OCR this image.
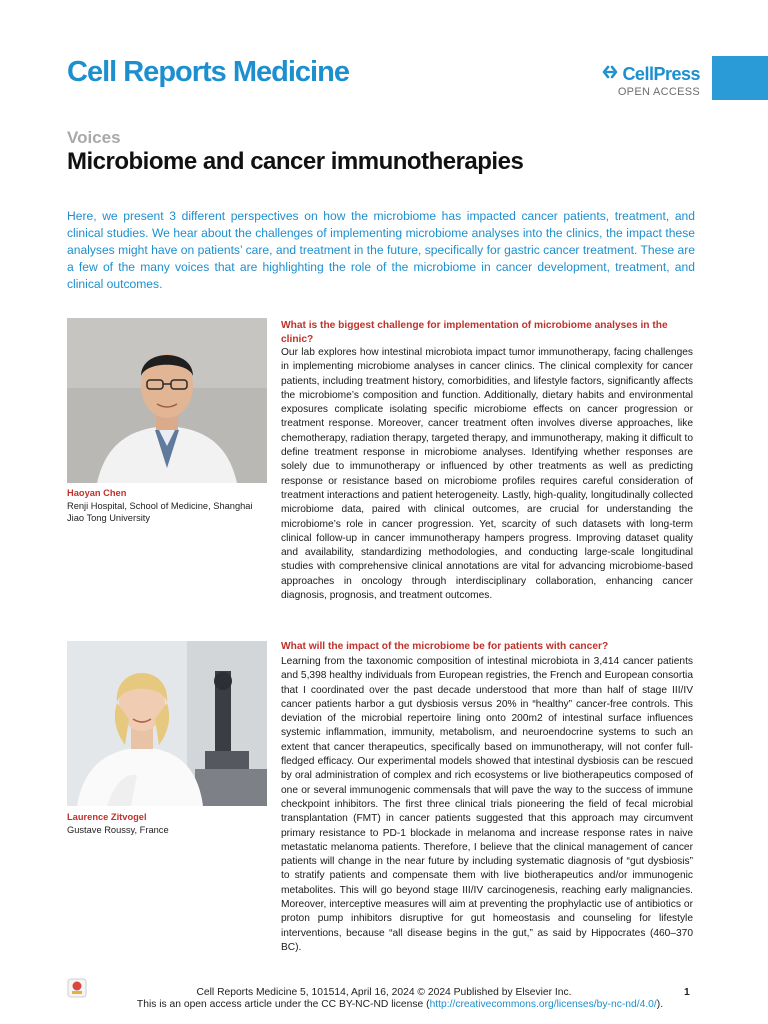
Cell Reports Medicine	CellPress
OPEN ACCESS
Voices
Microbiome and cancer immunotherapies
Here, we present 3 different perspectives on how the microbiome has impacted cancer patients, treatment, and clinical studies. We hear about the challenges of implementing microbiome analyses into the clinics, the impact these analyses might have on patients’ care, and treatment in the future, specifically for gastric cancer treatment. These are a few of the many voices that are highlighting the role of the microbiome in cancer development, treatment, and clinical outcomes.
Haoyan Chen
Renji Hospital, School of Medicine, Shanghai Jiao Tong University
What is the biggest challenge for implementation of microbiome analyses in the clinic?
Our lab explores how intestinal microbiota impact tumor immunotherapy, facing challenges in implementing microbiome analyses in cancer clinics. The clinical complexity for cancer patients, including treatment history, comorbidities, and lifestyle factors, significantly affects the microbiome’s composition and function. Additionally, dietary habits and environmental exposures complicate isolating specific microbiome effects on cancer progression or treatment response. Moreover, cancer treatment often involves diverse approaches, like chemotherapy, radiation therapy, targeted therapy, and immunotherapy, making it difficult to define treatment response in microbiome analyses. Identifying whether responses are solely due to immunotherapy or influenced by other treatments as well as predicting response or resistance based on microbiome profiles requires careful consideration of treatment interactions and patient heterogeneity. Lastly, high-quality, longitudinally collected microbiome data, paired with clinical outcomes, are crucial for understanding the microbiome’s role in cancer progression. Yet, scarcity of such datasets with long-term clinical follow-up in cancer immunotherapy hampers progress. Improving dataset quality and availability, standardizing methodologies, and conducting large-scale longitudinal studies with comprehensive clinical annotations are vital for advancing microbiome-based approaches in oncology through interdisciplinary collaboration, enhancing cancer diagnosis, prognosis, and treatment outcomes.
Laurence Zitvogel
Gustave Roussy, France
What will the impact of the microbiome be for patients with cancer?
Learning from the taxonomic composition of intestinal microbiota in 3,414 cancer patients and 5,398 healthy individuals from European registries, the French and European consortia that I coordinated over the past decade understood that more than half of stage III/IV cancer patients harbor a gut dysbiosis versus 20% in “healthy” cancer-free controls. This deviation of the microbial repertoire lining onto 200m2 of intestinal surface influences systemic inflammation, immunity, metabolism, and neuroendocrine systems to such an extent that cancer therapeutics, specifically based on immunotherapy, will not confer full-fledged efficacy. Our experimental models showed that intestinal dysbiosis can be rescued by oral administration of complex and rich ecosystems or live biotherapeutics composed of one or several immunogenic commensals that will pave the way to the success of immune checkpoint inhibitors. The first three clinical trials pioneering the field of fecal microbial transplantation (FMT) in cancer patients suggested that this approach may circumvent primary resistance to PD-1 blockade in melanoma and increase response rates in naive metastatic melanoma patients. Therefore, I believe that the clinical management of cancer patients will change in the near future by including systematic diagnosis of “gut dysbiosis” to stratify patients and compensate them with live biotherapeutics and/or immunogenic metabolites. This will go beyond stage III/IV carcinogenesis, reaching early malignancies. Moreover, interceptive measures will aim at preventing the prophylactic use of antibiotics or proton pump inhibitors disruptive for gut homeostasis and counseling for lifestyle interventions, because “all disease begins in the gut,” as said by Hippocrates (460–370 BC).
Cell Reports Medicine 5, 101514, April 16, 2024 © 2024 Published by Elsevier Inc.	1
This is an open access article under the CC BY-NC-ND license (http://creativecommons.org/licenses/by-nc-nd/4.0/).
